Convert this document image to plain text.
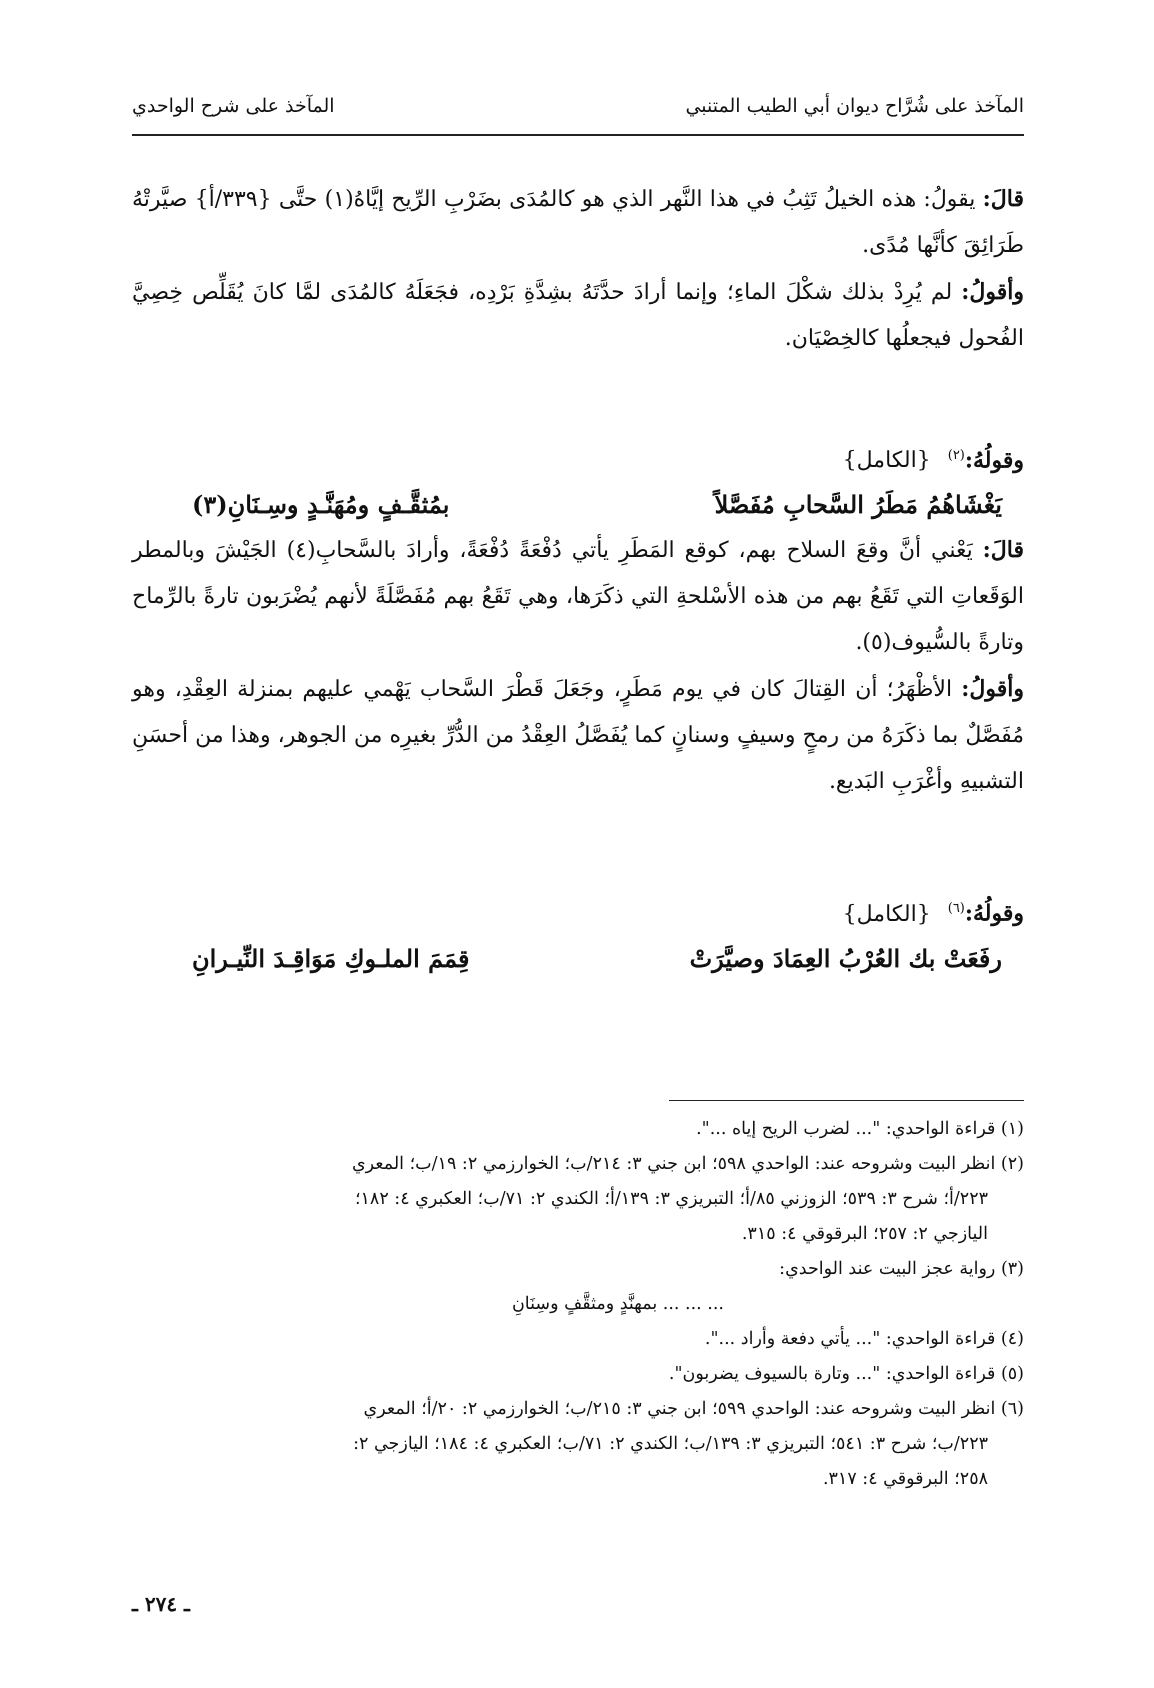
المآخذ على شُرَّاح ديوان أبي الطيب المتنبي
المآخذ على شرح الواحدي

قالَ: يقولُ: هذه الخيلُ تَثِبُ في هذا النَّهر الذي هو كالمُدَى بضَرْبِ الرِّيح إيَّاهُ(١) حتَّى {٣٣٩/أ} صيَّرتْهُ طَرَائِقَ كأنَّها مُدًى.

وأقولُ: لم يُرِدْ بذلك شكْلَ الماءِ؛ وإنما أرادَ حدَّتَهُ بشِدَّةِ بَرْدِه، فجَعَلَهُ كالمُدَى لمَّا كانَ يُقَلِّص خِصِيَّ الفُحول فيجعلُها كالخِصْيَان.

وقولُهُ:$^{(٢)}$ {الكامل}

يَغْشَاهُمُ مَطَرُ السَّحابِ مُفَصَّلاً
بمُثقَّـفٍ ومُهَنَّـدٍ وسِـنَانِ(٣)

قالَ: يَعْني أنَّ وقعَ السلاح بهم، كوقع المَطَرِ يأتي دُفْعَةً دُفْعَةً، وأرادَ بالسَّحابِ(٤) الجَيْشَ وبالمطر الوَقَعاتِ التي تَقَعُ بهم من هذه الأسْلحةِ التي ذكَرَها، وهي تَقَعُ بهم مُفَصَّلَةً لأنهم يُضْرَبون تارةً بالرِّماح وتارةً بالسُّيوف(٥).

وأقولُ: الأظْهَرُ؛ أن القِتالَ كان في يوم مَطَرٍ، وجَعَلَ قَطْرَ السَّحاب يَهْمي عليهم بمنزلة العِقْدِ، وهو مُفَصَّلٌ بما ذكَرَهُ من رمحٍ وسيفٍ وسنانٍ كما يُفَصَّلُ العِقْدُ من الدُّرِّ بغيرِه من الجوهر، وهذا من أحسَنِ التشبيهِ وأغْرَبِ البَديع.

وقولُهُ:$^{(٦)}$ {الكامل}

رفَعَتْ بك العُرْبُ العِمَادَ وصيَّرَتْ
قِمَمَ الملـوكِ مَوَاقِـدَ النِّيـرانِ

(١) قراءة الواحدي: "... لضرب الريح إياه ...".

(٢) انظر البيت وشروحه عند: الواحدي ٥٩٨؛ ابن جني ٣: ٢١٤/ب؛ الخوارزمي ٢: ١٩/ب؛ المعري

٢٢٣/أ؛ شرح ٣: ٥٣٩؛ الزوزني ٨٥/أ؛ التبريزي ٣: ١٣٩/أ؛ الكندي ٢: ٧١/ب؛ العكبري ٤: ١٨٢؛

اليازجي ٢: ٢٥٧؛ البرقوقي ٤: ٣١٥.

(٣) رواية عجز البيت عند الواحدي:

... ... ... بمهنَّدٍ ومثقَّفٍ وسِنَانِ

(٤) قراءة الواحدي: "... يأتي دفعة وأراد ...".

(٥) قراءة الواحدي: "... وتارة بالسيوف يضربون".

(٦) انظر البيت وشروحه عند: الواحدي ٥٩٩؛ ابن جني ٣: ٢١٥/ب؛ الخوارزمي ٢: ٢٠/أ؛ المعري

٢٢٣/ب؛ شرح ٣: ٥٤١؛ التبريزي ٣: ١٣٩/ب؛ الكندي ٢: ٧١/ب؛ العكبري ٤: ١٨٤؛ اليازجي ٢:

٢٥٨؛ البرقوقي ٤: ٣١٧.

ـ ٢٧٤ ـ
